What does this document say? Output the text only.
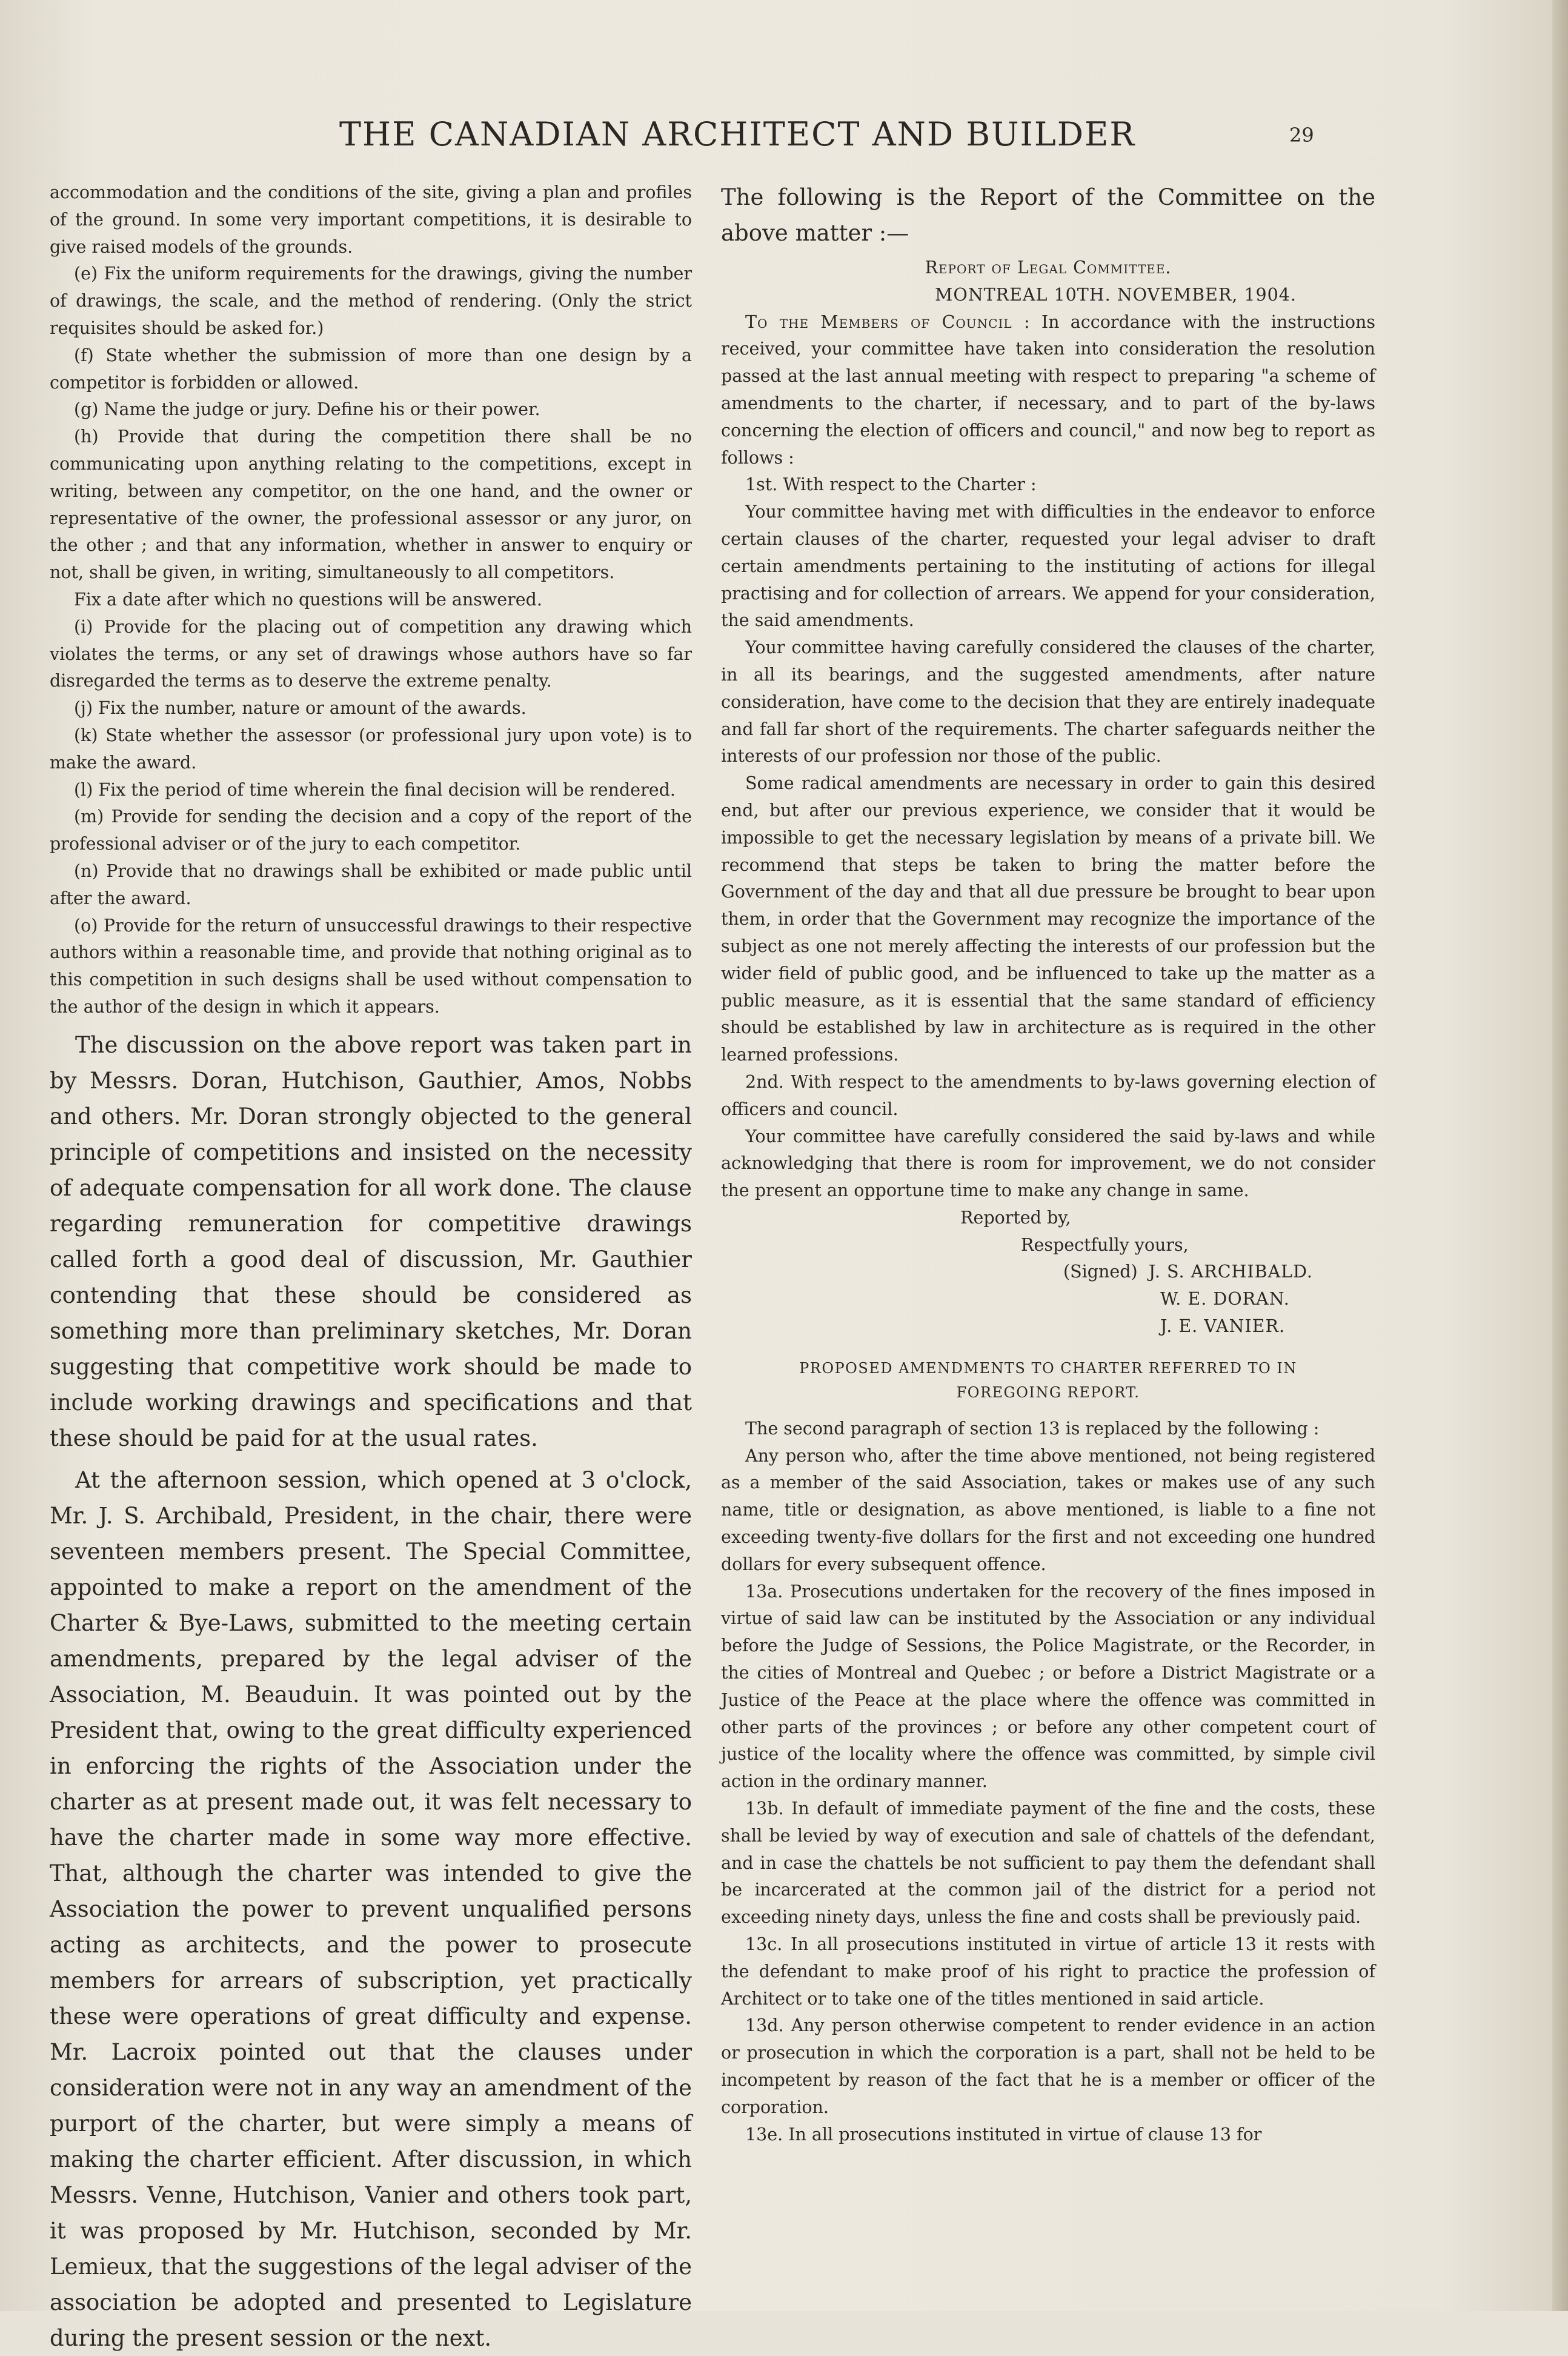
THE CANADIAN ARCHITECT AND BUILDER	29

accommodation and the conditions of the site, giving a plan and profiles of the ground. In some very important competitions, it is desirable to give raised models of the grounds.

(e) Fix the uniform requirements for the drawings, giving the number of drawings, the scale, and the method of rendering. (Only the strict requisites should be asked for.)

(f) State whether the submission of more than one design by a competitor is forbidden or allowed.

(g) Name the judge or jury. Define his or their power.

(h) Provide that during the competition there shall be no communicating upon anything relating to the competitions, except in writing, between any competitor, on the one hand, and the owner or representative of the owner, the professional assessor or any juror, on the other ; and that any information, whether in answer to enquiry or not, shall be given, in writing, simultaneously to all competitors.

Fix a date after which no questions will be answered.

(i) Provide for the placing out of competition any drawing which violates the terms, or any set of drawings whose authors have so far disregarded the terms as to deserve the extreme penalty.

(j) Fix the number, nature or amount of the awards.

(k) State whether the assessor (or professional jury upon vote) is to make the award.

(l) Fix the period of time wherein the final decision will be rendered.

(m) Provide for sending the decision and a copy of the report of the professional adviser or of the jury to each competitor.

(n) Provide that no drawings shall be exhibited or made public until after the award.

(o) Provide for the return of unsuccessful drawings to their respective authors within a reasonable time, and provide that nothing original as to this competition in such designs shall be used without compensation to the author of the design in which it appears.

The discussion on the above report was taken part in by Messrs. Doran, Hutchison, Gauthier, Amos, Nobbs and others. Mr. Doran strongly objected to the general principle of competitions and insisted on the necessity of adequate compensation for all work done. The clause regarding remuneration for competitive drawings called forth a good deal of discussion, Mr. Gauthier contending that these should be considered as something more than preliminary sketches, Mr. Doran suggesting that competitive work should be made to include working drawings and specifications and that these should be paid for at the usual rates.

At the afternoon session, which opened at 3 o'clock, Mr. J. S. Archibald, President, in the chair, there were seventeen members present. The Special Committee, appointed to make a report on the amendment of the Charter & Bye-Laws, submitted to the meeting certain amendments, prepared by the legal adviser of the Association, M. Beauduin. It was pointed out by the President that, owing to the great difficulty experienced in enforcing the rights of the Association under the charter as at present made out, it was felt necessary to have the charter made in some way more effective. That, although the charter was intended to give the Association the power to prevent unqualified persons acting as architects, and the power to prosecute members for arrears of subscription, yet practically these were operations of great difficulty and expense. Mr. Lacroix pointed out that the clauses under consideration were not in any way an amendment of the purport of the charter, but were simply a means of making the charter efficient. After discussion, in which Messrs. Venne, Hutchison, Vanier and others took part, it was proposed by Mr. Hutchison, seconded by Mr. Lemieux, that the suggestions of the legal adviser of the association be adopted and presented to Legislature during the present session or the next.

The following is the Report of the Committee on the above matter :—

Report of Legal Committee.

MONTREAL 10TH. NOVEMBER, 1904.

To the Members of Council : In accordance with the instructions received, your committee have taken into consideration the resolution passed at the last annual meeting with respect to preparing "a scheme of amendments to the charter, if necessary, and to part of the by-laws concerning the election of officers and council," and now beg to report as follows :

1st. With respect to the Charter :

Your committee having met with difficulties in the endeavor to enforce certain clauses of the charter, requested your legal adviser to draft certain amendments pertaining to the instituting of actions for illegal practising and for collection of arrears. We append for your consideration, the said amendments.

Your committee having carefully considered the clauses of the charter, in all its bearings, and the suggested amendments, after nature consideration, have come to the decision that they are entirely inadequate and fall far short of the requirements. The charter safeguards neither the interests of our profession nor those of the public.

Some radical amendments are necessary in order to gain this desired end, but after our previous experience, we consider that it would be impossible to get the necessary legislation by means of a private bill. We recommend that steps be taken to bring the matter before the Government of the day and that all due pressure be brought to bear upon them, in order that the Government may recognize the importance of the subject as one not merely affecting the interests of our profession but the wider field of public good, and be influenced to take up the matter as a public measure, as it is essential that the same standard of efficiency should be established by law in architecture as is required in the other learned professions.

2nd. With respect to the amendments to by-laws governing election of officers and council.

Your committee have carefully considered the said by-laws and while acknowledging that there is room for improvement, we do not consider the present an opportune time to make any change in same.

Reported by,

Respectfully yours,

(Signed) J. S. ARCHIBALD.

W. E. DORAN.

J. E. VANIER.

PROPOSED AMENDMENTS TO CHARTER REFERRED TO IN

FOREGOING REPORT.

The second paragraph of section 13 is replaced by the following :

Any person who, after the time above mentioned, not being registered as a member of the said Association, takes or makes use of any such name, title or designation, as above mentioned, is liable to a fine not exceeding twenty-five dollars for the first and not exceeding one hundred dollars for every subsequent offence.

13a. Prosecutions undertaken for the recovery of the fines imposed in virtue of said law can be instituted by the Association or any individual before the Judge of Sessions, the Police Magistrate, or the Recorder, in the cities of Montreal and Quebec ; or before a District Magistrate or a Justice of the Peace at the place where the offence was committed in other parts of the provinces ; or before any other competent court of justice of the locality where the offence was committed, by simple civil action in the ordinary manner.

13b. In default of immediate payment of the fine and the costs, these shall be levied by way of execution and sale of chattels of the defendant, and in case the chattels be not sufficient to pay them the defendant shall be incarcerated at the common jail of the district for a period not exceeding ninety days, unless the fine and costs shall be previously paid.

13c. In all prosecutions instituted in virtue of article 13 it rests with the defendant to make proof of his right to practice the profession of Architect or to take one of the titles mentioned in said article.

13d. Any person otherwise competent to render evidence in an action or prosecution in which the corporation is a part, shall not be held to be incompetent by reason of the fact that he is a member or officer of the corporation.

13e. In all prosecutions instituted in virtue of clause 13 for
